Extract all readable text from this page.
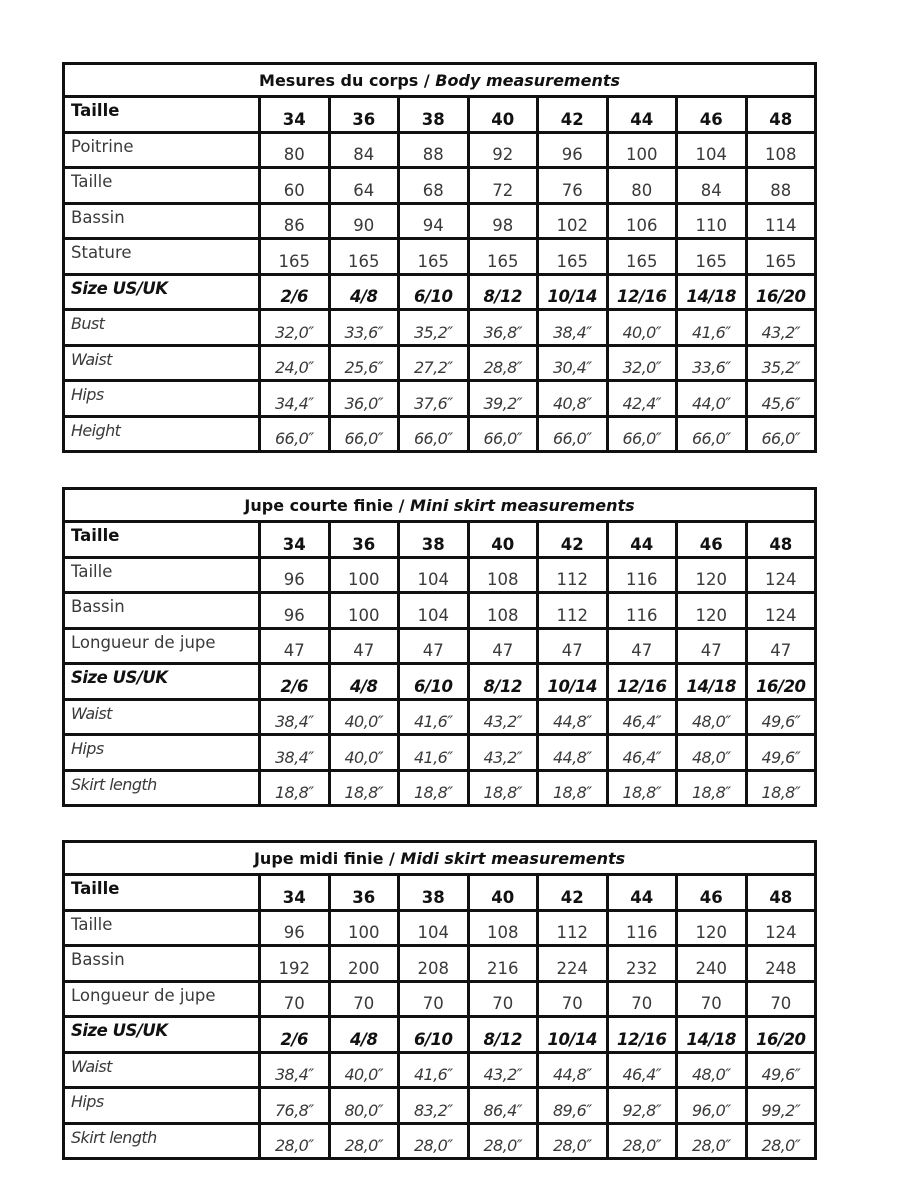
Mesures du corps / Body measurements								
Taille	34	36	38	40	42	44	46	48
Poitrine	80	84	88	92	96	100	104	108
Taille	60	64	68	72	76	80	84	88
Bassin	86	90	94	98	102	106	110	114
Stature	165	165	165	165	165	165	165	165
Size US/UK	2/6	4/8	6/10	8/12	10/14	12/16	14/18	16/20
Bust	32,0″	33,6″	35,2″	36,8″	38,4″	40,0″	41,6″	43,2″
Waist	24,0″	25,6″	27,2″	28,8″	30,4″	32,0″	33,6″	35,2″
Hips	34,4″	36,0″	37,6″	39,2″	40,8″	42,4″	44,0″	45,6″
Height	66,0″	66,0″	66,0″	66,0″	66,0″	66,0″	66,0″	66,0″
Jupe courte finie / Mini skirt measurements								
Taille	34	36	38	40	42	44	46	48
Taille	96	100	104	108	112	116	120	124
Bassin	96	100	104	108	112	116	120	124
Longueur de jupe	47	47	47	47	47	47	47	47
Size US/UK	2/6	4/8	6/10	8/12	10/14	12/16	14/18	16/20
Waist	38,4″	40,0″	41,6″	43,2″	44,8″	46,4″	48,0″	49,6″
Hips	38,4″	40,0″	41,6″	43,2″	44,8″	46,4″	48,0″	49,6″
Skirt length	18,8″	18,8″	18,8″	18,8″	18,8″	18,8″	18,8″	18,8″
Jupe midi finie / Midi skirt measurements								
Taille	34	36	38	40	42	44	46	48
Taille	96	100	104	108	112	116	120	124
Bassin	192	200	208	216	224	232	240	248
Longueur de jupe	70	70	70	70	70	70	70	70
Size US/UK	2/6	4/8	6/10	8/12	10/14	12/16	14/18	16/20
Waist	38,4″	40,0″	41,6″	43,2″	44,8″	46,4″	48,0″	49,6″
Hips	76,8″	80,0″	83,2″	86,4″	89,6″	92,8″	96,0″	99,2″
Skirt length	28,0″	28,0″	28,0″	28,0″	28,0″	28,0″	28,0″	28,0″
